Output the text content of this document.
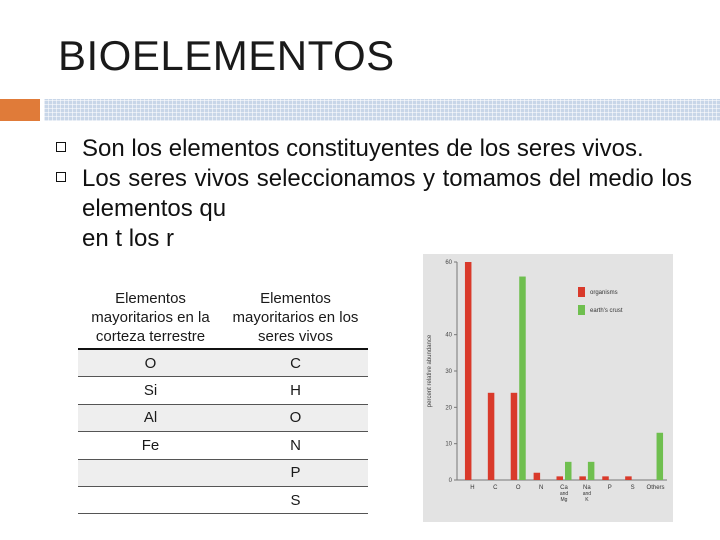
BIOELEMENTOS
Son los elementos constituyentes de los seres vivos.
Los seres vivos seleccionamos y tomamos del medio los elementos qu
en t los r
Elementos mayoritarios en la corteza terrestre	Elementos mayoritarios en los seres vivos
O	C
Si	H
Al	O
Fe	N
	P
	S
0
10
20
30
40
60
percent relative abundance
H	C	O	N	Ca
and
Mg
Na
and
K
P	S Others
organisms
earth's crust
